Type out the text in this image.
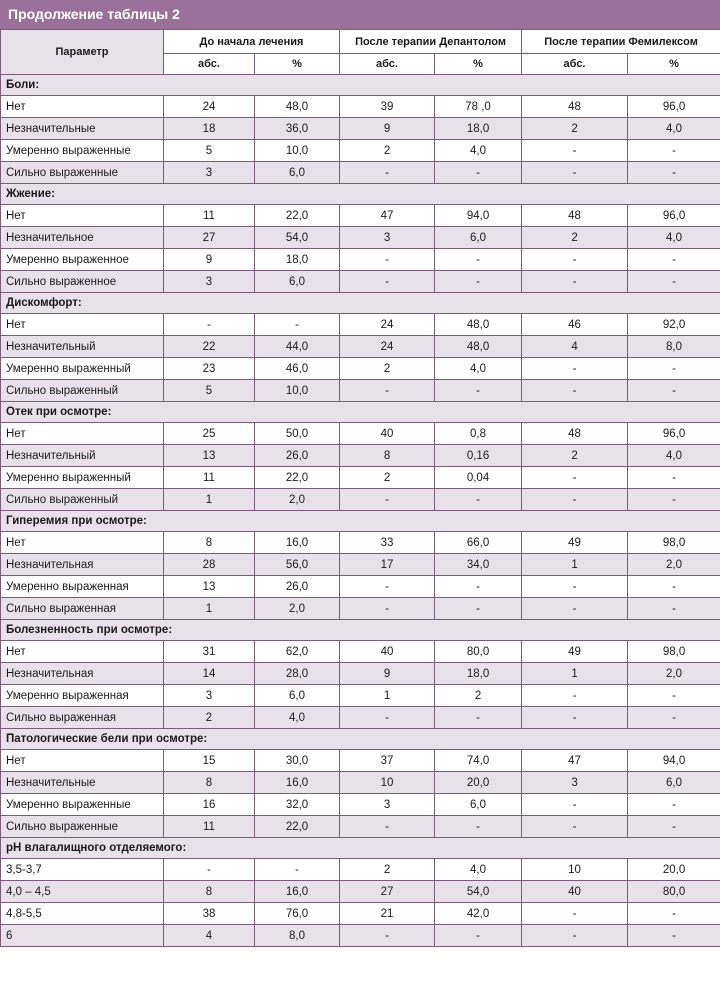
Продолжение таблицы 2
Параметр	До начала лечения		После терапии Депантолом		После терапии Фемилексом	
	абс.	%	абс.	%	абс.	%
Боли:						
Нет	24	48,0	39	78 ,0	48	96,0
Незначительные	18	36,0	9	18,0	2	4,0
Умеренно выраженные	5	10,0	2	4,0	-	-
Сильно выраженные	3	6,0	-	-	-	-
Жжение:						
Нет	11	22,0	47	94,0	48	96,0
Незначительное	27	54,0	3	6,0	2	4,0
Умеренно выраженное	9	18,0	-	-	-	-
Сильно выраженное	3	6,0	-	-	-	-
Дискомфорт:						
Нет	-	-	24	48,0	46	92,0
Незначительный	22	44,0	24	48,0	4	8,0
Умеренно выраженный	23	46,0	2	4,0	-	-
Сильно выраженный	5	10,0	-	-	-	-
Отек при осмотре:						
Нет	25	50,0	40	0,8	48	96,0
Незначительный	13	26,0	8	0,16	2	4,0
Умеренно выраженный	11	22,0	2	0,04	-	-
Сильно выраженный	1	2,0	-	-	-	-
Гиперемия при осмотре:						
Нет	8	16,0	33	66,0	49	98,0
Незначительная	28	56,0	17	34,0	1	2,0
Умеренно выраженная	13	26,0	-	-	-	-
Сильно выраженная	1	2,0	-	-	-	-
Болезненность при осмотре:						
Нет	31	62,0	40	80,0	49	98,0
Незначительная	14	28,0	9	18,0	1	2,0
Умеренно выраженная	3	6,0	1	2	-	-
Сильно выраженная	2	4,0	-	-	-	-
Патологические бели при осмотре:						
Нет	15	30,0	37	74,0	47	94,0
Незначительные	8	16,0	10	20,0	3	6,0
Умеренно выраженные	16	32,0	3	6,0	-	-
Сильно выраженные	11	22,0	-	-	-	-
рН влагалищного отделяемого:						
3,5-3,7	-	-	2	4,0	10	20,0
4,0 – 4,5	8	16,0	27	54,0	40	80,0
4,8-5,5	38	76,0	21	42,0	-	-
6	4	8,0	-	-	-	-
